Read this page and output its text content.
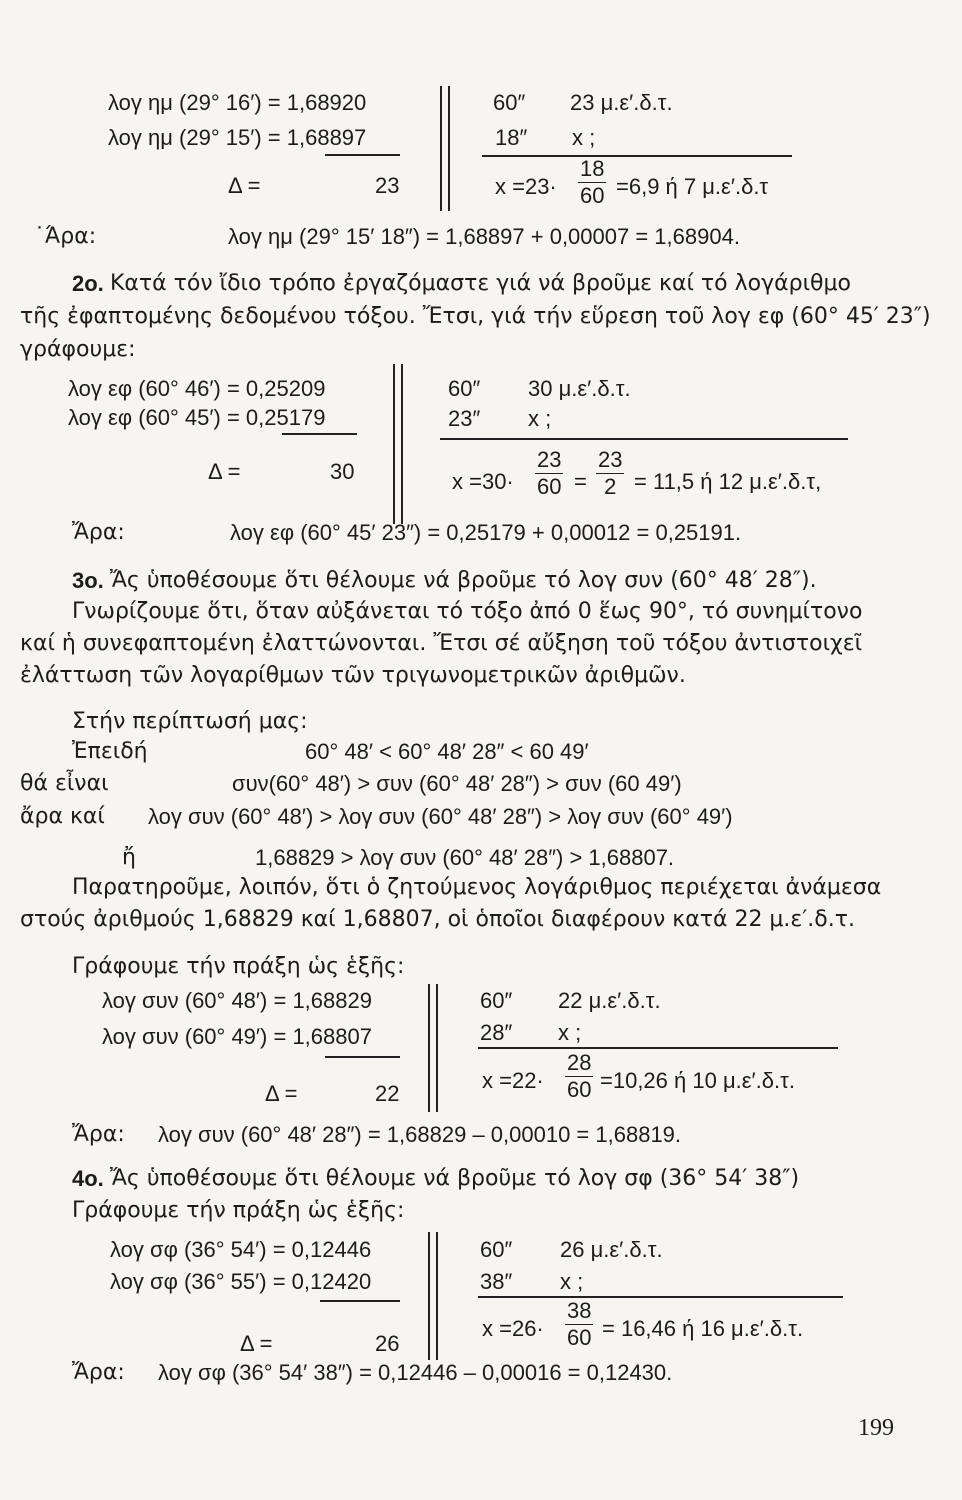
λογ ημ (29° 16′) = 1,68920
λογ ημ (29° 15′) = 1,68897
Δ =	23
60″ 23 μ.ε′.δ.τ.
18″ x ;
$x =23\cdot \frac{18}{60} =6,9$ ή 7 μ.ε′.δ.τ
˙Άρα:	λογ ημ (29° 15′ 18″) = 1,68897 + 0,00007 = 1,68904.
2ο. Κατά τόν ἴδιο τρόπο ἐργαζόμαστε γιά νά βροῦμε καί τό λογάριθμο
τῆς ἐφαπτομένης δεδομένου τόξου. Ἔτσι, γιά τήν εὕρεση τοῦ λογ εφ (60° 45′ 23″)
γράφουμε:
λογ εφ (60° 46′) = 0,25209
λογ εφ (60° 45′) = 0,25179
Δ =	30
60″ 30 μ.ε′.δ.τ.
23″ x ;
$x =30\cdot \frac{23}{60} = \frac{23}{2} = 11,5$ ή 12 μ.ε′.δ.τ,
Ἄρα:	λογ εφ (60° 45′ 23″) = 0,25179 + 0,00012 = 0,25191.
3ο. Ἄς ὑποθέσουμε ὅτι θέλουμε νά βροῦμε τό λογ συν (60° 48′ 28″).
Γνωρίζουμε ὅτι, ὅταν αὐξάνεται τό τόξο ἀπό 0 ἕως 90°, τό συνημίτονο
καί ἡ συνεφαπτομένη ἐλαττώνονται. Ἔτσι σέ αὔξηση τοῦ τόξου ἀντιστοιχεῖ
ἐλάττωση τῶν λογαρίθμων τῶν τριγωνομετρικῶν ἀριθμῶν.
Στήν περίπτωσή μας:
Ἐπειδή	60° 48′ < 60° 48′ 28″ < 60 49′
θά εἶναι	συν(60° 48′) > συν (60° 48′ 28″) > συν (60 49′)
ἄρα καί λογ συν (60° 48′) > λογ συν (60° 48′ 28″) > λογ συν (60° 49′)
ἤ	1,68829 > λογ συν (60° 48′ 28″) > 1,68807.
Παρατηροῦμε, λοιπόν, ὅτι ὁ ζητούμενος λογάριθμος περιέχεται ἀνάμεσα
στούς ἀριθμούς 1,68829 καί 1,68807, οἱ ὁποῖοι διαφέρουν κατά 22 μ.ε′.δ.τ.
Γράφουμε τήν πράξη ὡς ἑξῆς:
λογ συν (60° 48′) = 1,68829
λογ συν (60° 49′) = 1,68807
Δ =	22
60″ 22 μ.ε′.δ.τ.
28″ x ;
$x =22\cdot \frac{28}{60} =10,26$ ή 10 μ.ε′.δ.τ.
Ἄρα: λογ συν (60° 48′ 28″) = 1,68829 – 0,00010 = 1,68819.
4ο. Ἄς ὑποθέσουμε ὅτι θέλουμε νά βροῦμε τό λογ σφ (36° 54′ 38″)
Γράφουμε τήν πράξη ὡς ἑξῆς:
λογ σφ (36° 54′) = 0,12446
λογ σφ (36° 55′) = 0,12420
Δ =	26
60″ 26 μ.ε′.δ.τ.
38″ x ;
$x =26\cdot \frac{38}{60} = 16,46$ ή 16 μ.ε′.δ.τ.
Ἄρα: λογ σφ (36° 54′ 38″) = 0,12446 – 0,00016 = 0,12430.
199
